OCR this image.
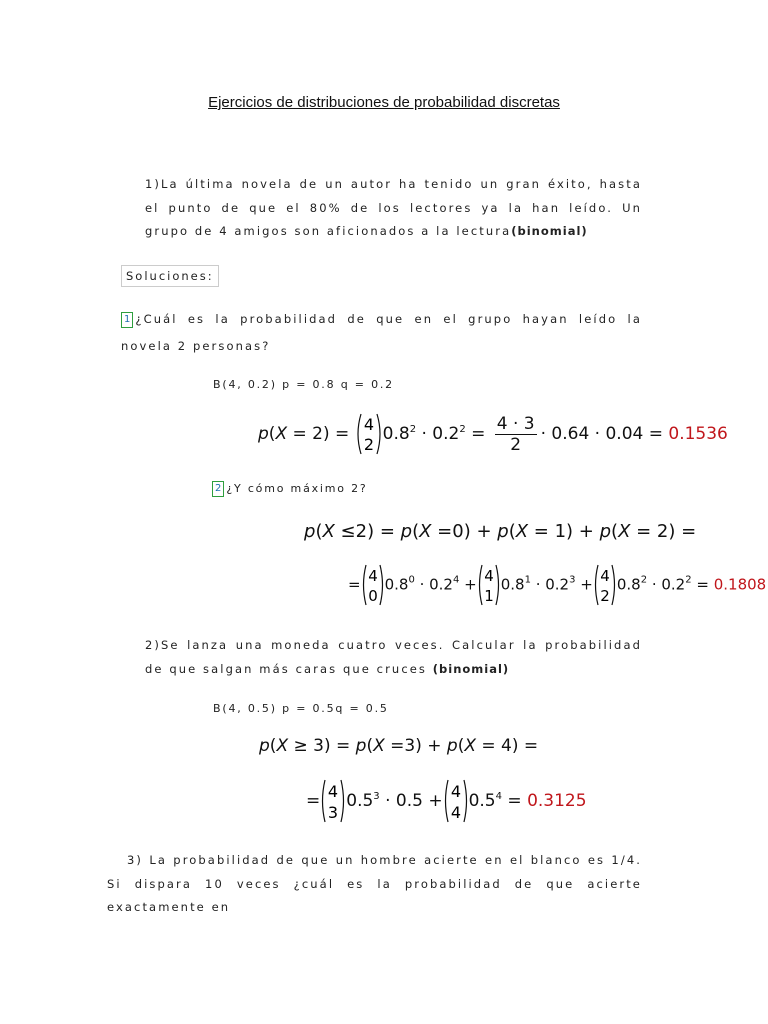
Ejercicios de distribuciones de probabilidad discretas
1)La última novela de un autor ha tenido un gran éxito, hasta el punto de que el 80% de los lectores ya la han leído. Un grupo de 4 amigos son aficionados a la lectura(binomial)
Soluciones:
1 ¿Cuál es la probabilidad de que en el grupo hayan leído la novela 2 personas?
B(4, 0.2) p = 0.8 q = 0.2
p(X = 2) = 4
2
$0.8^2 \cdot 0.2^2 = \frac{4 \cdot 3}{2} \cdot 0.64 \cdot 0.04 = 0.1536$
2 ¿Y cómo máximo 2?
p(X ≤2) = p(X =0) + p(X = 1) + p(X = 2) =
= 4
0
$0.8^0 \cdot 0.2^4 + 4$
1
$0.8^1 \cdot 0.2^3 + 4$
2
$0.8^2 \cdot 0.2^2 = 0.1808$
2)Se lanza una moneda cuatro veces. Calcular la probabilidad de que salgan más caras que cruces (binomial)
B(4, 0.5) p = 0.5q = 0.5
p(X ≥ 3) = p(X =3) + p(X = 4) =
= 4
3
$0.5^3 \cdot 0.5 + 4$
4
$0.5^4 = 0.3125$
3) La probabilidad de que un hombre acierte en el blanco es 1/4. Si dispara 10 veces ¿cuál es la probabilidad de que acierte exactamente en
